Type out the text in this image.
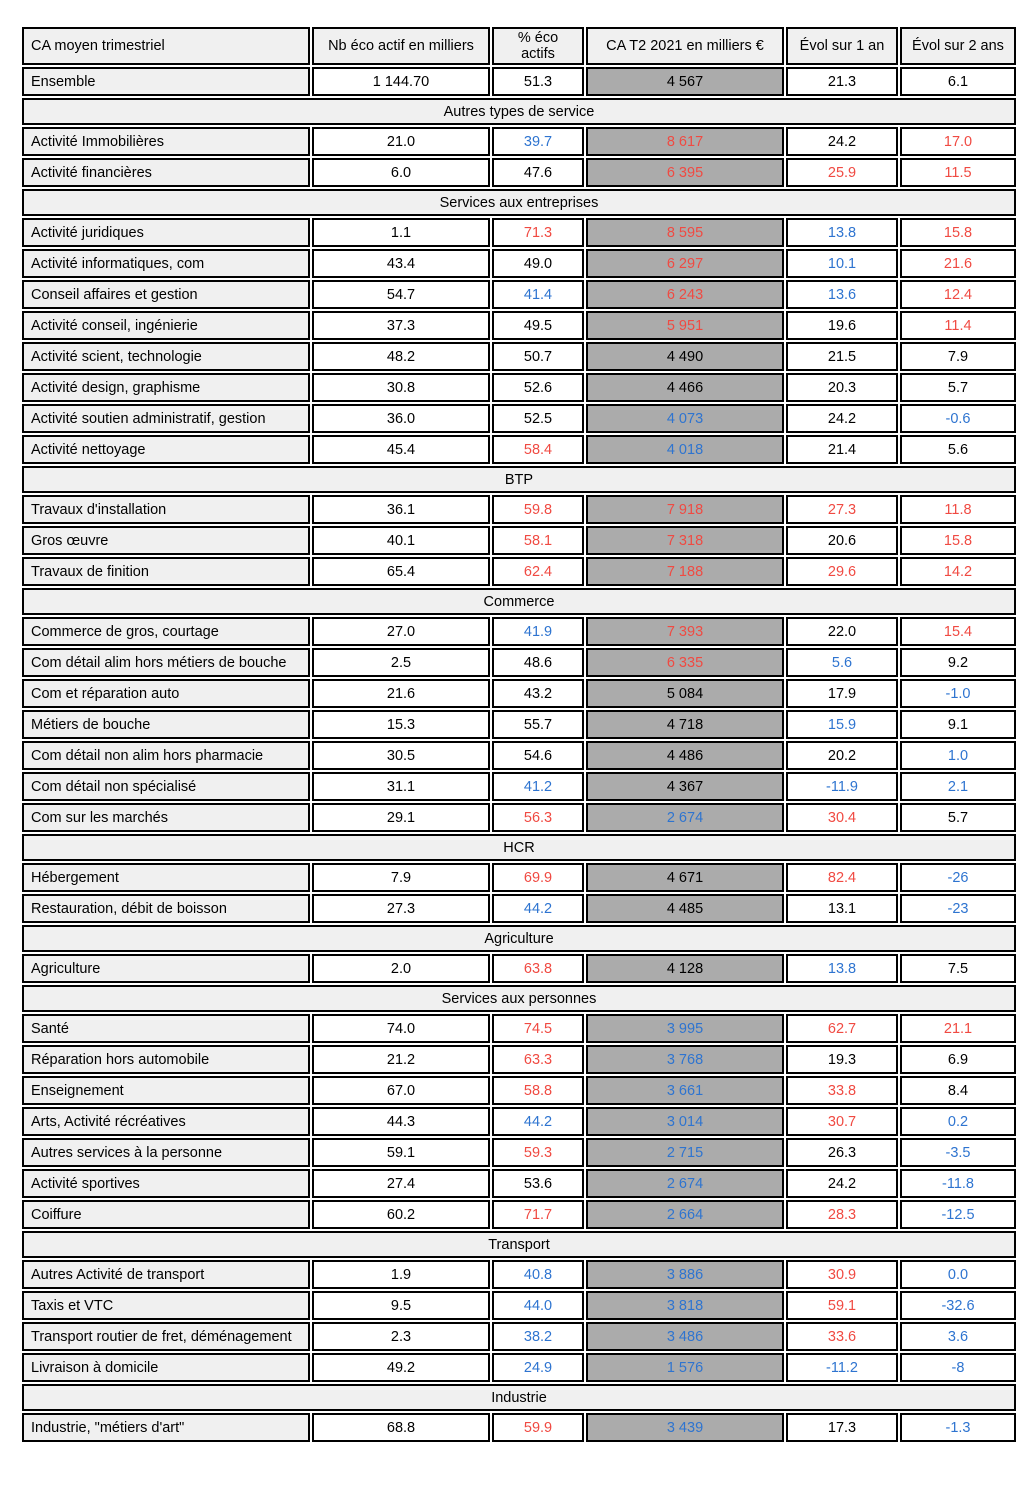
CA moyen trimestriel	Nb éco actif en milliers	% éco actifs	CA T2 2021 en milliers €	Évol sur 1 an	Évol sur 2 ans
Ensemble	1 144.70	51.3	4 567	21.3	6.1
Autres types de service					
Activité Immobilières	21.0	39.7	8 617	24.2	17.0
Activité financières	6.0	47.6	6 395	25.9	11.5
Services aux entreprises					
Activité juridiques	1.1	71.3	8 595	13.8	15.8
Activité informatiques, com	43.4	49.0	6 297	10.1	21.6
Conseil affaires et gestion	54.7	41.4	6 243	13.6	12.4
Activité conseil, ingénierie	37.3	49.5	5 951	19.6	11.4
Activité scient, technologie	48.2	50.7	4 490	21.5	7.9
Activité design, graphisme	30.8	52.6	4 466	20.3	5.7
Activité soutien administratif, gestion	36.0	52.5	4 073	24.2	-0.6
Activité nettoyage	45.4	58.4	4 018	21.4	5.6
BTP					
Travaux d'installation	36.1	59.8	7 918	27.3	11.8
Gros œuvre	40.1	58.1	7 318	20.6	15.8
Travaux de finition	65.4	62.4	7 188	29.6	14.2
Commerce					
Commerce de gros, courtage	27.0	41.9	7 393	22.0	15.4
Com détail alim hors métiers de bouche	2.5	48.6	6 335	5.6	9.2
Com et réparation auto	21.6	43.2	5 084	17.9	-1.0
Métiers de bouche	15.3	55.7	4 718	15.9	9.1
Com détail non alim hors pharmacie	30.5	54.6	4 486	20.2	1.0
Com détail non spécialisé	31.1	41.2	4 367	-11.9	2.1
Com sur les marchés	29.1	56.3	2 674	30.4	5.7
HCR					
Hébergement	7.9	69.9	4 671	82.4	-26
Restauration, débit de boisson	27.3	44.2	4 485	13.1	-23
Agriculture					
Agriculture	2.0	63.8	4 128	13.8	7.5
Services aux personnes					
Santé	74.0	74.5	3 995	62.7	21.1
Réparation hors automobile	21.2	63.3	3 768	19.3	6.9
Enseignement	67.0	58.8	3 661	33.8	8.4
Arts, Activité récréatives	44.3	44.2	3 014	30.7	0.2
Autres services à la personne	59.1	59.3	2 715	26.3	-3.5
Activité sportives	27.4	53.6	2 674	24.2	-11.8
Coiffure	60.2	71.7	2 664	28.3	-12.5
Transport					
Autres Activité de transport	1.9	40.8	3 886	30.9	0.0
Taxis et VTC	9.5	44.0	3 818	59.1	-32.6
Transport routier de fret, déménagement	2.3	38.2	3 486	33.6	3.6
Livraison à domicile	49.2	24.9	1 576	-11.2	-8
Industrie					
Industrie, "métiers d'art"	68.8	59.9	3 439	17.3	-1.3
